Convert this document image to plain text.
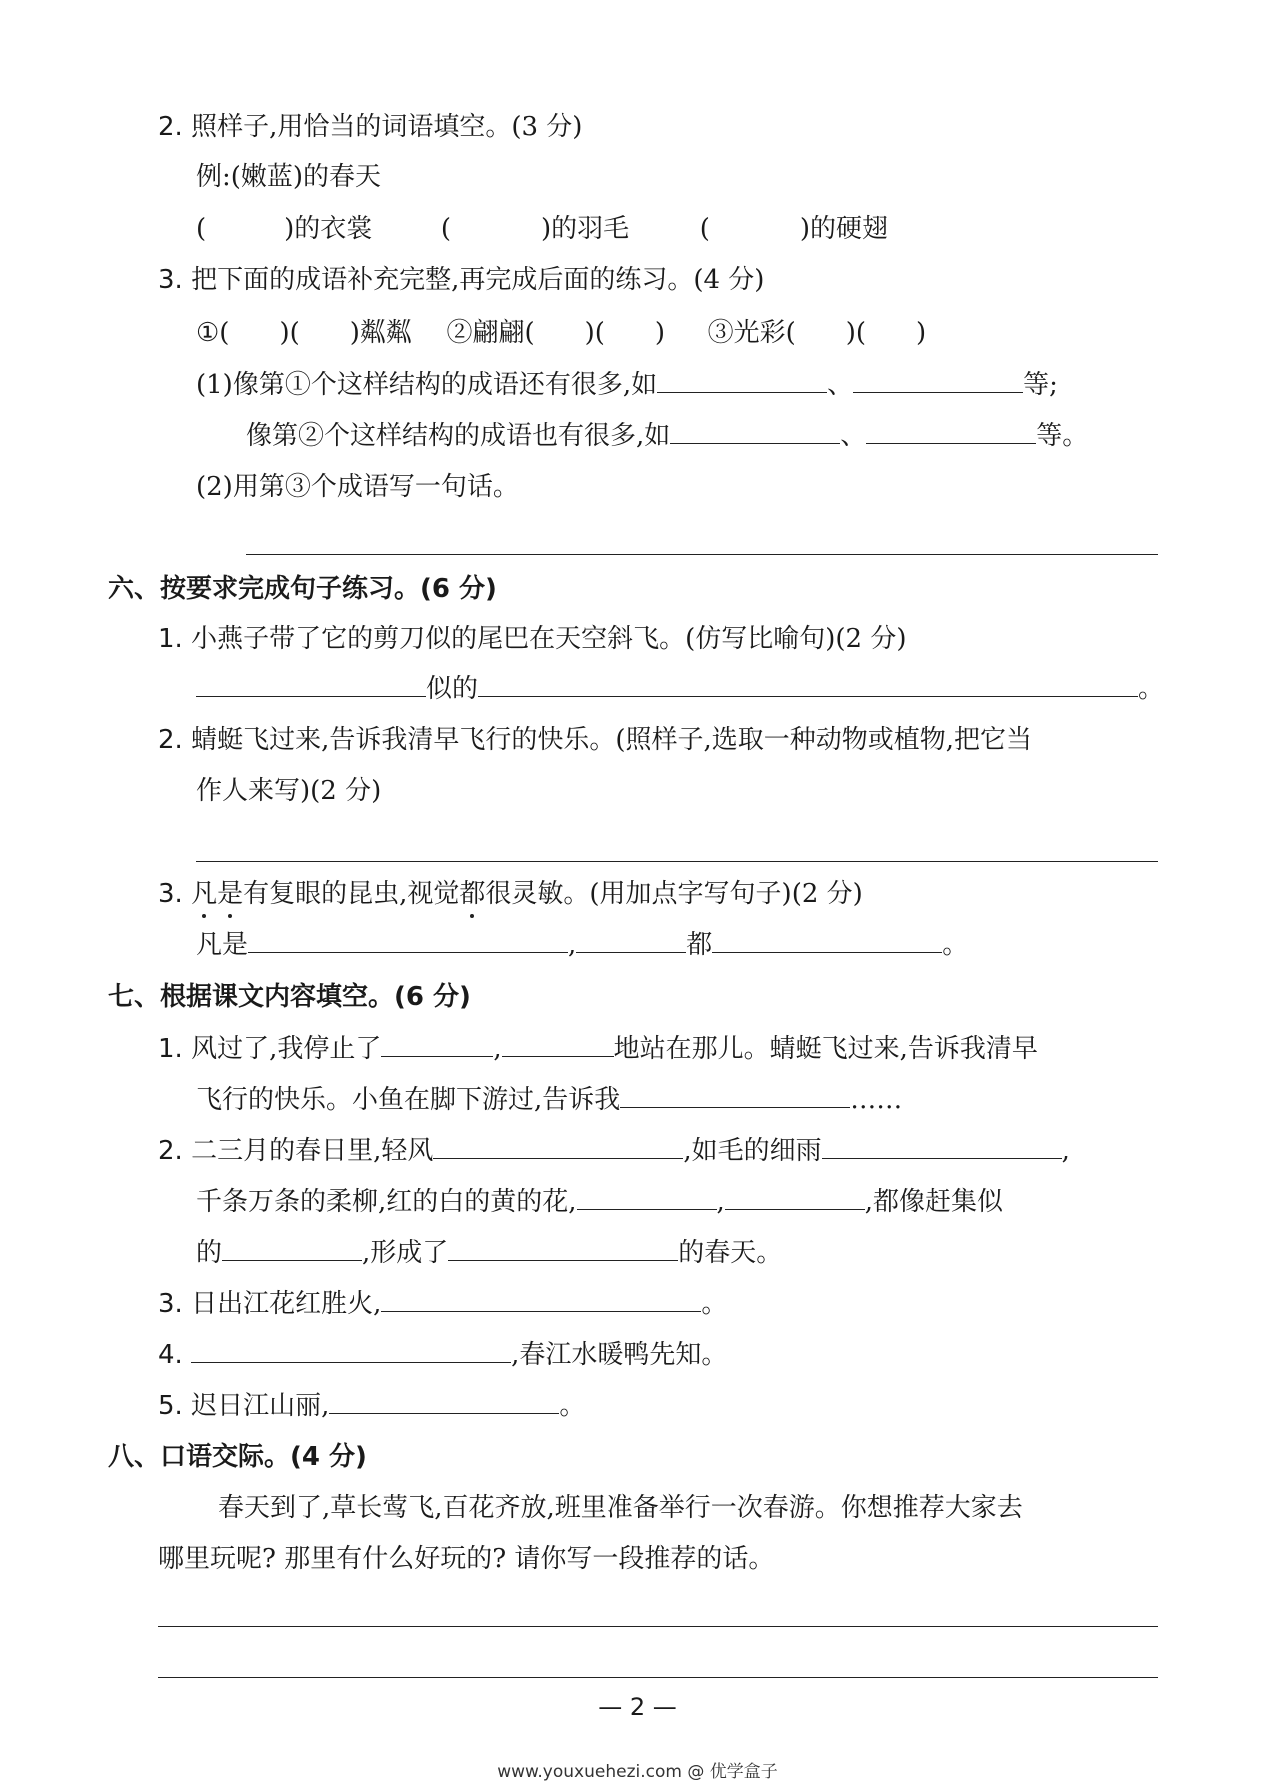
2. 照样子,用恰当的词语填空。(3 分)
例:(嫩蓝)的春天
(	)的衣裳	(	)的羽毛	(	)的硬翅
3. 把下面的成语补充完整,再完成后面的练习。(4 分)
①( )( )粼粼 ②翩翩( )( ) ③光彩( )( )
(1)像第①个这样结构的成语还有很多,如	、	等;
像第②个这样结构的成语也有很多,如	、	等。
(2)用第③个成语写一句话。
六、按要求完成句子练习。(6 分)
1. 小燕子带了它的剪刀似的尾巴在天空斜飞。(仿写比喻句)(2 分)
似的	。
2. 蜻蜓飞过来,告诉我清早飞行的快乐。(照样子,选取一种动物或植物,把它当
作人来写)(2 分)
3. 凡是有复眼的昆虫,视觉都很灵敏。(用加点字写句子)(2 分)
凡是	,	都	。
七、根据课文内容填空。(6 分)
1. 风过了,我停止了	,	地站在那儿。蜻蜓飞过来,告诉我清早
飞行的快乐。小鱼在脚下游过,告诉我	……
2. 二三月的春日里,轻风	,如毛的细雨	,
千条万条的柔柳,红的白的黄的花,	,	,都像赶集似
的	,形成了	的春天。
3. 日出江花红胜火,	。
4.	,春江水暖鸭先知。
5. 迟日江山丽,	。
八、口语交际。(4 分)
春天到了,草长莺飞,百花齐放,班里准备举行一次春游。你想推荐大家去
哪里玩呢? 那里有什么好玩的? 请你写一段推荐的话。
— 2 —
www.youxuehezi.com @ 优学盒子
